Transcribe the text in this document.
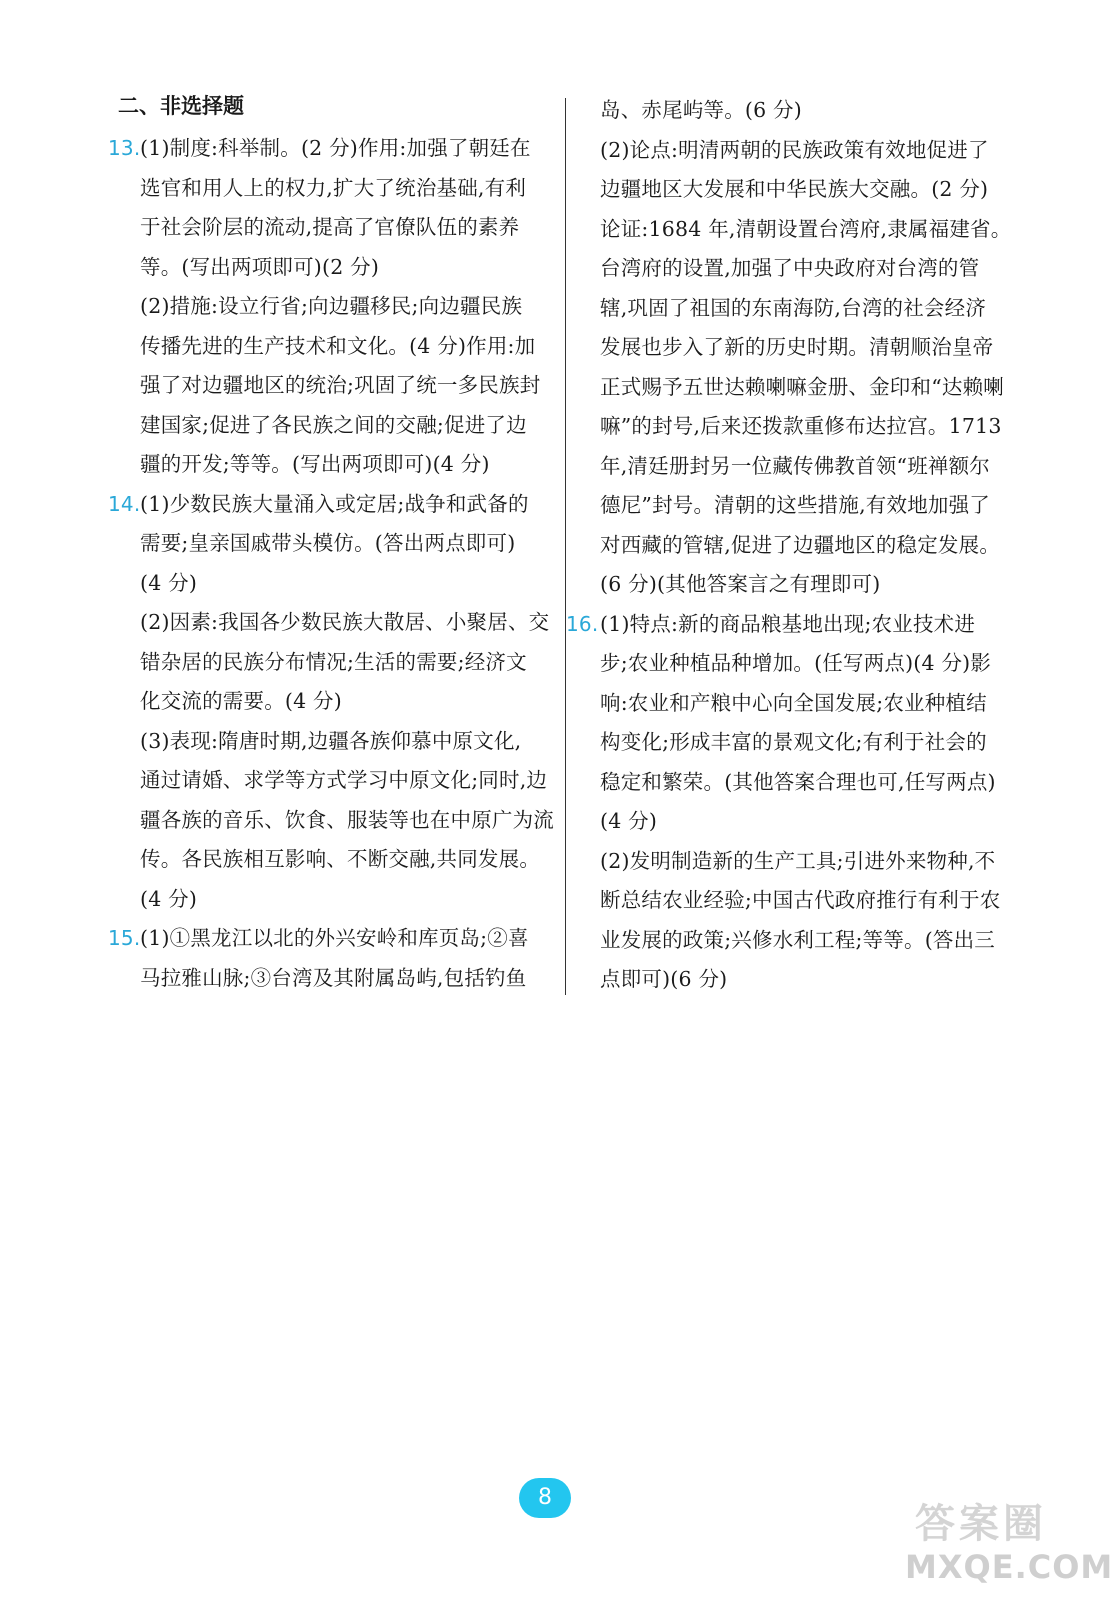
二、非选择题
13. (1)制度:科举制。(2 分)作用:加强了朝廷在
选官和用人上的权力,扩大了统治基础,有利
于社会阶层的流动,提高了官僚队伍的素养
等。(写出两项即可)(2 分)
(2)措施:设立行省;向边疆移民;向边疆民族
传播先进的生产技术和文化。(4 分)作用:加
强了对边疆地区的统治;巩固了统一多民族封
建国家;促进了各民族之间的交融;促进了边
疆的开发;等等。(写出两项即可)(4 分)
14. (1)少数民族大量涌入或定居;战争和武备的
需要;皇亲国戚带头模仿。(答出两点即可)
(4 分)
(2)因素:我国各少数民族大散居、小聚居、交
错杂居的民族分布情况;生活的需要;经济文
化交流的需要。(4 分)
(3)表现:隋唐时期,边疆各族仰慕中原文化,
通过请婚、求学等方式学习中原文化;同时,边
疆各族的音乐、饮食、服装等也在中原广为流
传。各民族相互影响、不断交融,共同发展。
(4 分)
15. (1)①黑龙江以北的外兴安岭和库页岛;②喜
马拉雅山脉;③台湾及其附属岛屿,包括钓鱼
岛、赤尾屿等。(6 分)
(2)论点:明清两朝的民族政策有效地促进了
边疆地区大发展和中华民族大交融。(2 分)
论证:1684 年,清朝设置台湾府,隶属福建省。
台湾府的设置,加强了中央政府对台湾的管
辖,巩固了祖国的东南海防,台湾的社会经济
发展也步入了新的历史时期。清朝顺治皇帝
正式赐予五世达赖喇嘛金册、金印和“达赖喇
嘛”的封号,后来还拨款重修布达拉宫。1713
年,清廷册封另一位藏传佛教首领“班禅额尔
德尼”封号。清朝的这些措施,有效地加强了
对西藏的管辖,促进了边疆地区的稳定发展。
(6 分)(其他答案言之有理即可)
16. (1)特点:新的商品粮基地出现;农业技术进
步;农业种植品种增加。(任写两点)(4 分)影
响:农业和产粮中心向全国发展;农业种植结
构变化;形成丰富的景观文化;有利于社会的
稳定和繁荣。(其他答案合理也可,任写两点)
(4 分)
(2)发明制造新的生产工具;引进外来物种,不
断总结农业经验;中国古代政府推行有利于农
业发展的政策;兴修水利工程;等等。(答出三
点即可)(6 分)
8
答案圈
MXQE.COM
